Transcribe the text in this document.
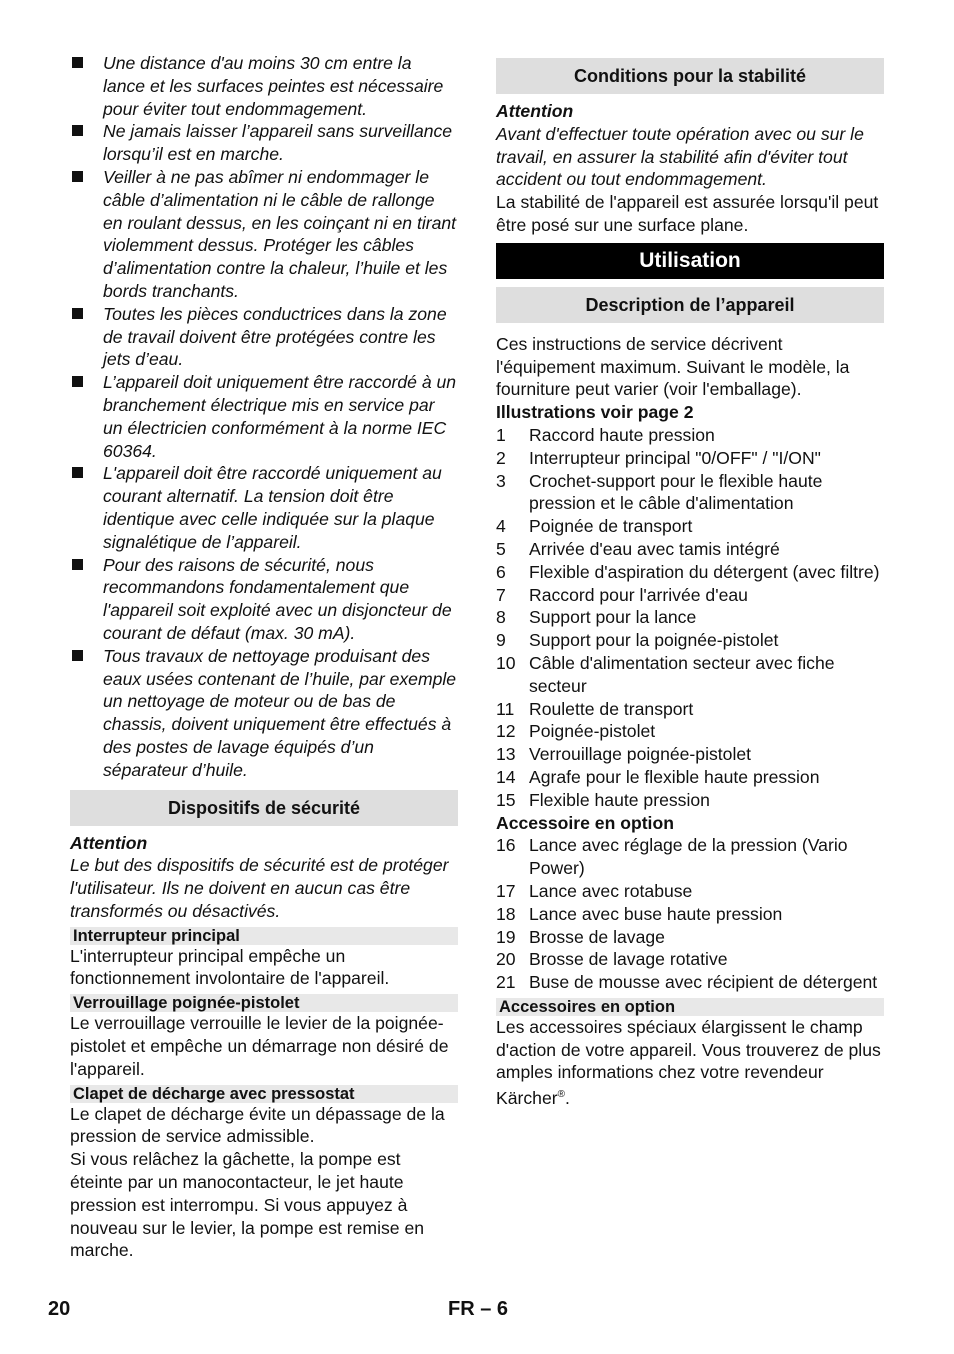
Une distance d'au moins 30 cm entre la lance et les surfaces peintes est nécessaire pour éviter tout endommagement.
Ne jamais laisser l’appareil sans surveillance lorsqu’il est en marche.
Veiller à ne pas abîmer ni endommager le câble d’alimentation ni le câble de rallonge en roulant dessus, en les coinçant ni en tirant violemment dessus. Protéger les câbles d’alimentation contre la chaleur, l’huile et les bords tranchants.
Toutes les pièces conductrices dans la zone de travail doivent être protégées contre les jets d’eau.
L’appareil doit uniquement être raccordé à un branchement électrique mis en service par un électricien conformément à la norme IEC 60364.
L'appareil doit être raccordé uniquement au courant alternatif. La tension doit être identique avec celle indiquée sur la plaque signalétique de l’appareil.
Pour des raisons de sécurité, nous recommandons fondamentalement que l'appareil soit exploité avec un disjoncteur de courant de défaut (max. 30 mA).
Tous travaux de nettoyage produisant des eaux usées contenant de l’huile, par exemple un nettoyage de moteur ou de bas de chassis, doivent uniquement être effectués à des postes de lavage équipés d’un séparateur d’huile.
Dispositifs de sécurité

Attention

Le but des dispositifs de sécurité est de protéger l'utilisateur. Ils ne doivent en aucun cas être transformés ou désactivés.

Interrupteur principal

L'interrupteur principal empêche un fonctionnement involontaire de l'appareil.

Verrouillage poignée-pistolet

Le verrouillage verrouille le levier de la poignée-pistolet et empêche un démarrage non désiré de l'appareil.

Clapet de décharge avec pressostat

Le clapet de décharge évite un dépassage de la pression de service admissible.

Si vous relâchez la gâchette, la pompe est éteinte par un manocontacteur, le jet haute pression est interrompu. Si vous appuyez à nouveau sur le levier, la pompe est remise en marche.

Conditions pour la stabilité

Attention

Avant d'effectuer toute opération avec ou sur le travail, en assurer la stabilité afin d'éviter tout accident ou tout endommagement.

La stabilité de l'appareil est assurée lorsqu'il peut être posé sur une surface plane.

Utilisation
Description de l’appareil

Ces instructions de service décrivent l'équipement maximum. Suivant le modèle, la fourniture peut varier (voir l'emballage).

Illustrations voir page 2

1 Raccord haute pression
2 Interrupteur principal "0/OFF" / "I/ON"
3 Crochet-support pour le flexible haute pression et le câble d'alimentation
4 Poignée de transport
5 Arrivée d'eau avec tamis intégré
6 Flexible d'aspiration du détergent (avec filtre)
7 Raccord pour l'arrivée d'eau
8 Support pour la lance
9 Support pour la poignée-pistolet
10 Câble d'alimentation secteur avec fiche secteur
11 Roulette de transport
12 Poignée-pistolet
13 Verrouillage poignée-pistolet
14 Agrafe pour le flexible haute pression
15 Flexible haute pression

Accessoire en option

16 Lance avec réglage de la pression (Vario Power)
17 Lance avec rotabuse
18 Lance avec buse haute pression
19 Brosse de lavage
20 Brosse de lavage rotative
21 Buse de mousse avec récipient de détergent
Accessoires en option

Les accessoires spéciaux élargissent le champ d'action de votre appareil. Vous trouverez de plus amples informations chez votre revendeur Kärcher®.

20	FR – 6
